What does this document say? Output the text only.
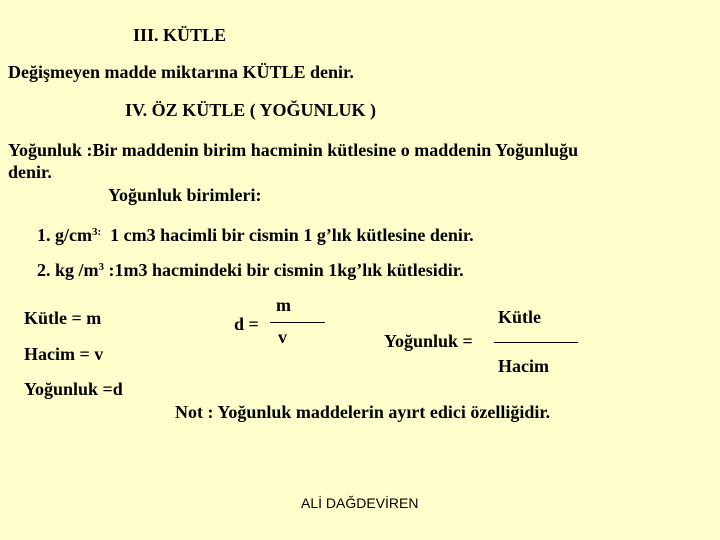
III. KÜTLE
Değişmeyen madde miktarına KÜTLE denir.
IV. ÖZ KÜTLE ( YOĞUNLUK )
Yoğunluk :Bir maddenin birim hacminin kütlesine o maddenin Yoğunluğu
denir.
Yoğunluk birimleri:
1. $g/cm^{3:}$ 1 cm3 hacimli bir cismin 1 g’lık kütlesine denir.
2. kg $/m^3$ :1m3 hacmindeki bir cismin 1kg’lık kütlesidir.
Kütle = m
Hacim = v
Yoğunluk =d
d =
m
v
Kütle
Yoğunluk =
Hacim
Not : Yoğunluk maddelerin ayırt edici özelliğidir.
ALİ DAĞDEVİREN
